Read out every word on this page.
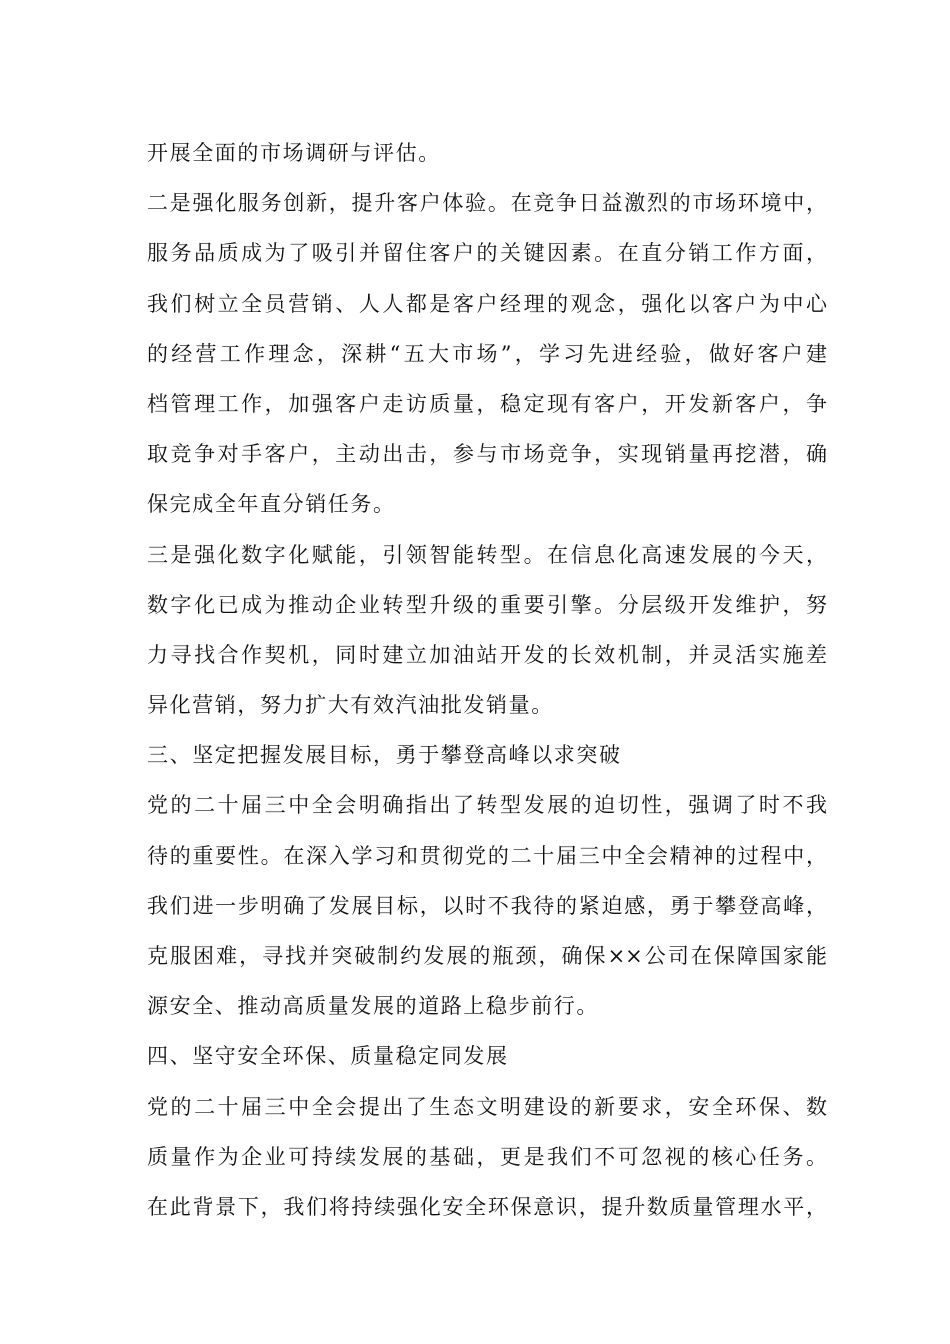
开展全面的市场调研与评估。
二是强化服务创新，提升客户体验。在竞争日益激烈的市场环境中，
服务品质成为了吸引并留住客户的关键因素。在直分销工作方面，
我们树立全员营销、人人都是客户经理的观念，强化以客户为中心
的经营工作理念，深耕“五大市场”，学习先进经验，做好客户建
档管理工作，加强客户走访质量，稳定现有客户，开发新客户，争
取竞争对手客户，主动出击，参与市场竞争，实现销量再挖潜，确
保完成全年直分销任务。
三是强化数字化赋能，引领智能转型。在信息化高速发展的今天，
数字化已成为推动企业转型升级的重要引擎。分层级开发维护，努
力寻找合作契机，同时建立加油站开发的长效机制，并灵活实施差
异化营销，努力扩大有效汽油批发销量。
三、坚定把握发展目标，勇于攀登高峰以求突破
党的二十届三中全会明确指出了转型发展的迫切性，强调了时不我
待的重要性。在深入学习和贯彻党的二十届三中全会精神的过程中，
我们进一步明确了发展目标，以时不我待的紧迫感，勇于攀登高峰，
克服困难，寻找并突破制约发展的瓶颈，确保××公司在保障国家能
源安全、推动高质量发展的道路上稳步前行。
四、坚守安全环保、质量稳定同发展
党的二十届三中全会提出了生态文明建设的新要求，安全环保、数
质量作为企业可持续发展的基础，更是我们不可忽视的核心任务。
在此背景下，我们将持续强化安全环保意识，提升数质量管理水平，
